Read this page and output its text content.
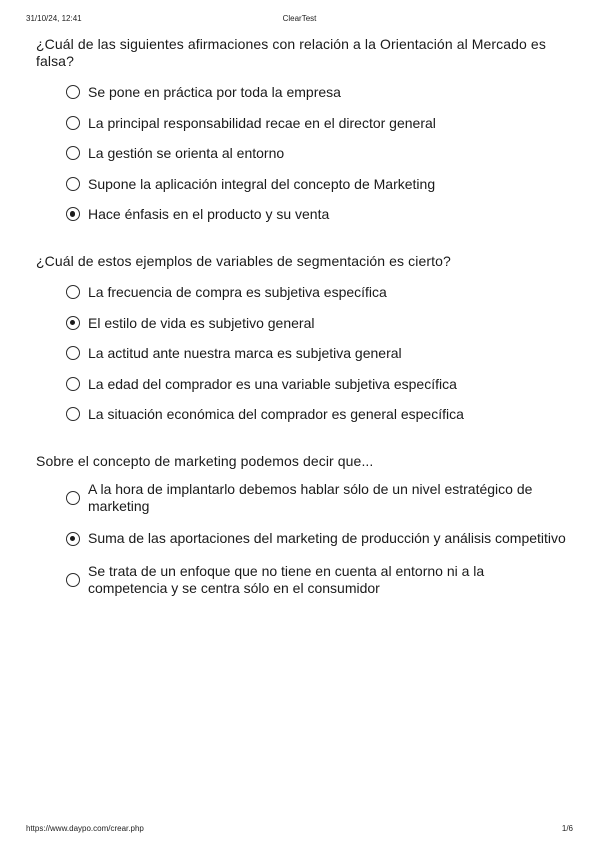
31/10/24, 12:41	ClearTest

¿Cuál de las siguientes afirmaciones con relación a la Orientación al Mercado es falsa?

Se pone en práctica por toda la empresa
La principal responsabilidad recae en el director general
La gestión se orienta al entorno
Supone la aplicación integral del concepto de Marketing
Hace énfasis en el producto y su venta

¿Cuál de estos ejemplos de variables de segmentación es cierto?

La frecuencia de compra es subjetiva específica
El estilo de vida es subjetivo general
La actitud ante nuestra marca es subjetiva general
La edad del comprador es una variable subjetiva específica
La situación económica del comprador es general específica

Sobre el concepto de marketing podemos decir que...

A la hora de implantarlo debemos hablar sólo de un nivel estratégico de marketing
Suma de las aportaciones del marketing de producción y análisis competitivo
Se trata de un enfoque que no tiene en cuenta al entorno ni a la competencia y se centra sólo en el consumidor
https://www.daypo.com/crear.php	1/6
